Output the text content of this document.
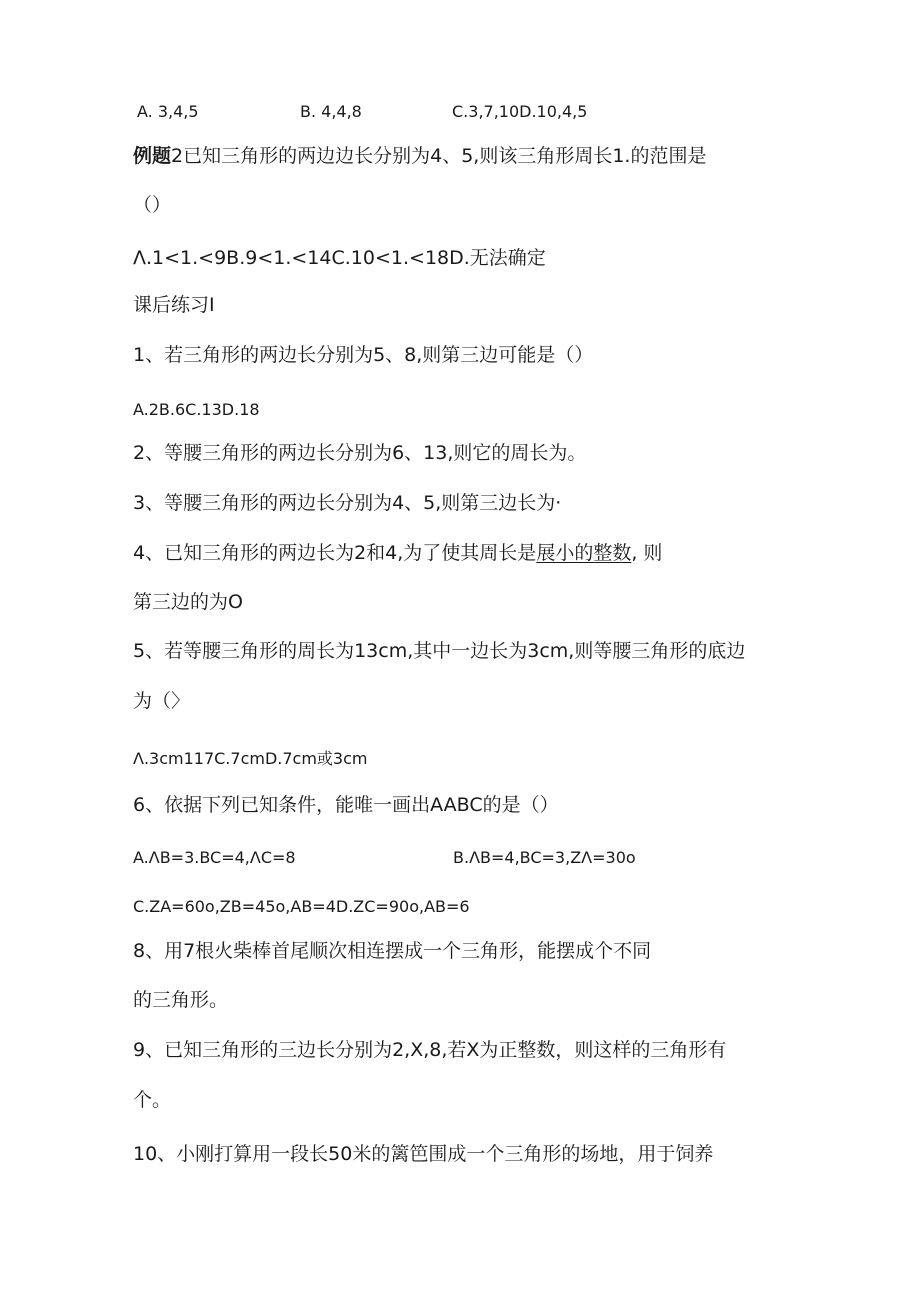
A. 3,4,5	B. 4,4,8	C.3,7,10D.10,4,5
例题2已知三角形的两边边长分别为4、5,则该三角形周长1.的范围是
（）
Λ.1<1.<9B.9<1.<14C.10<1.<18D.无法确定
课后练习I
1、若三角形的两边长分别为5、8,则第三边可能是（）
A.2B.6C.13D.18
2、等腰三角形的两边长分别为6、13,则它的周长为。
3、等腰三角形的两边长分别为4、5,则第三边长为·
4、已知三角形的两边长为2和4,为了使其周长是展小的整数, 则
第三边的为O
5、若等腰三角形的周长为13cm,其中一边长为3cm,则等腰三角形的底边
为（〉
Λ.3cm117C.7cmD.7cm或3cm
6、依据下列已知条件，能唯一画出AABC的是（）
A.ΛB=3.BC=4,ΛC=8	B.ΛB=4,BC=3,ZΛ=30o
C.ZA=60o,ZB=45o,AB=4D.ZC=90o,AB=6
8、用7根火柴棒首尾顺次相连摆成一个三角形，能摆成个不同
的三角形。
9、已知三角形的三边长分别为2,X,8,若X为正整数，则这样的三角形有
个。
10、小刚打算用一段长50米的篱笆围成一个三角形的场地，用于饲养
